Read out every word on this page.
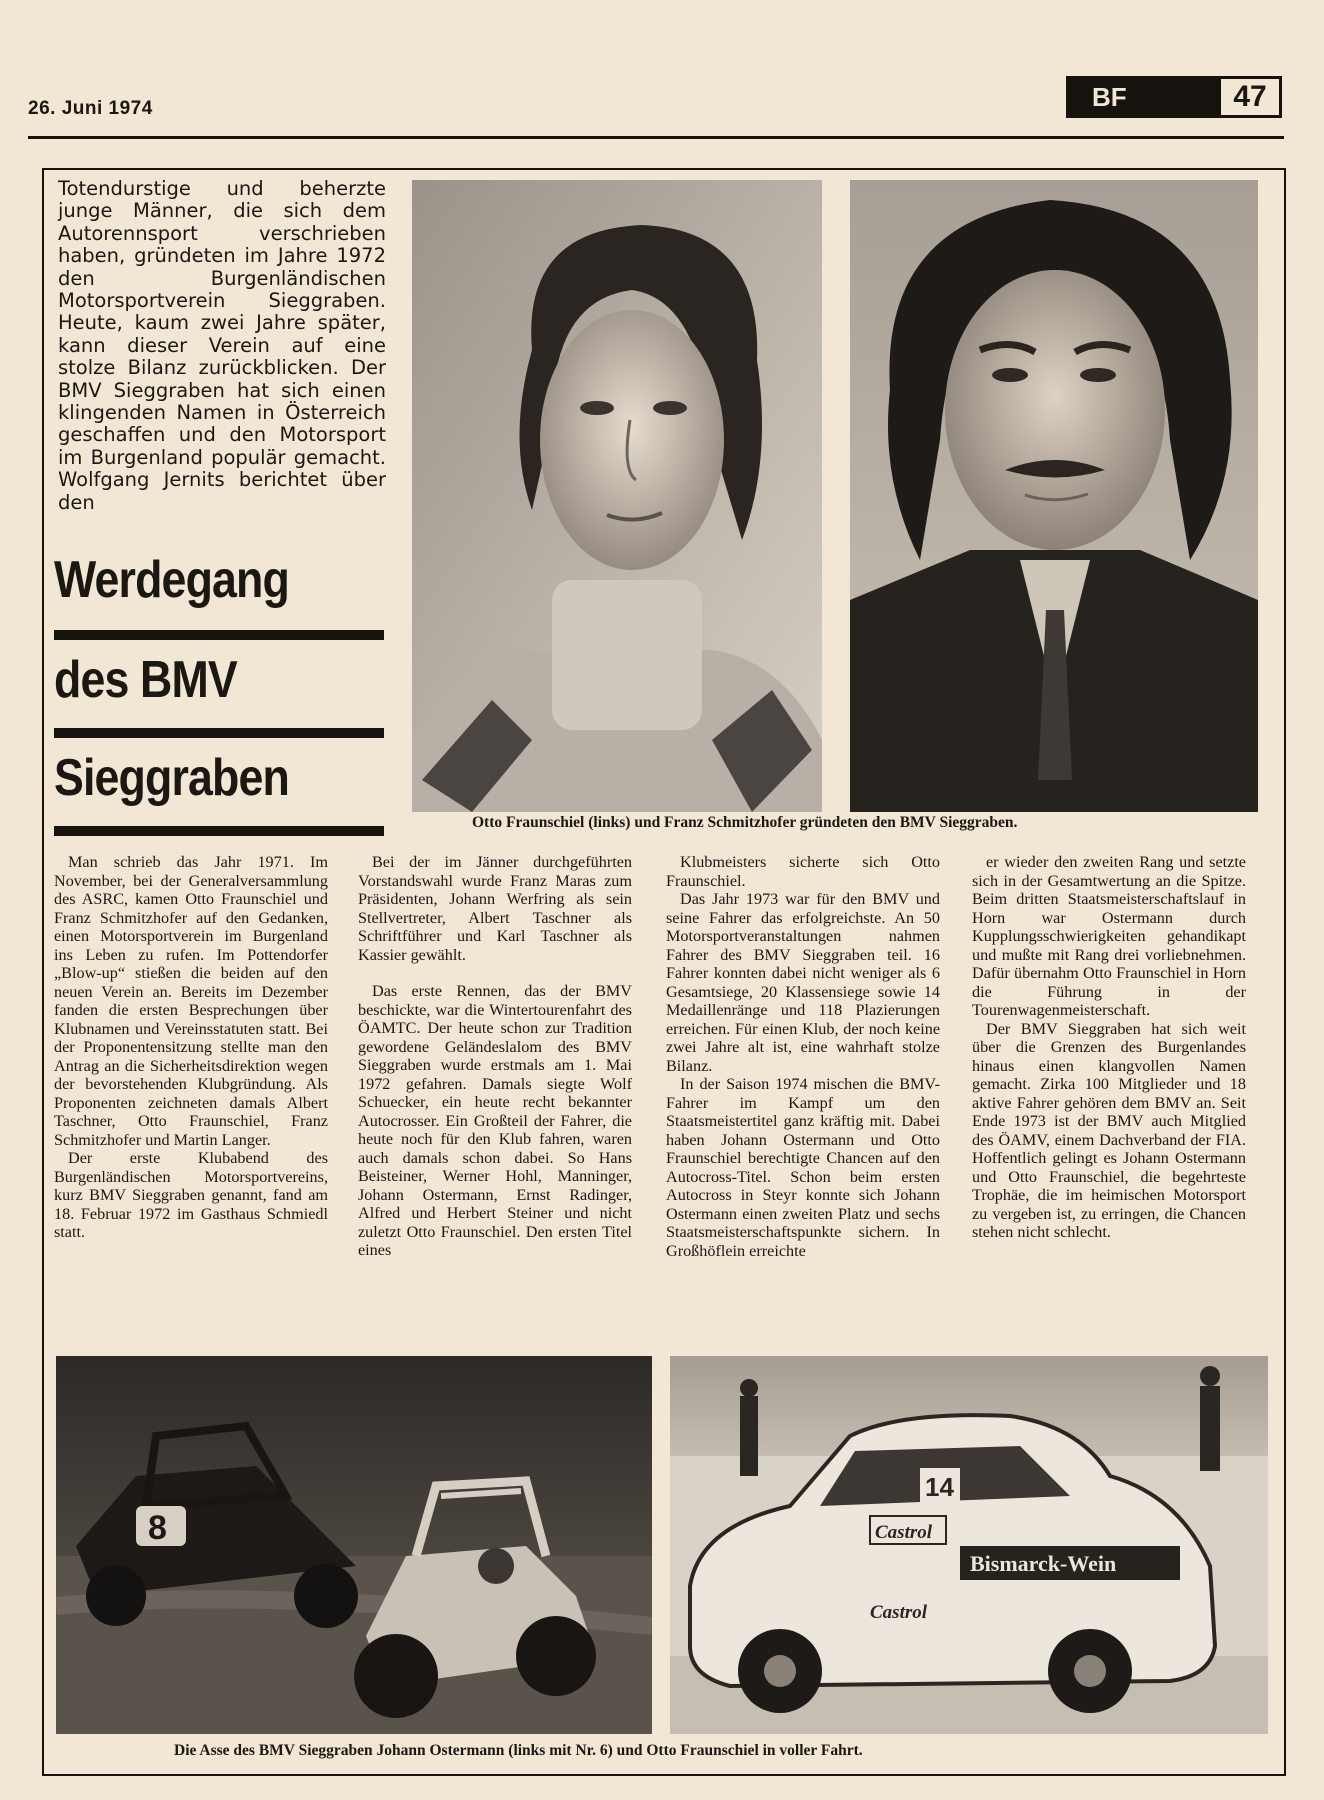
26. Juni 1974	BF	47
Totendurstige und beherzte junge Männer, die sich dem Autorennsport verschrieben haben, gründeten im Jahre 1972 den Burgenländischen Motorsportverein Sieggraben. Heute, kaum zwei Jahre später, kann dieser Verein auf eine stolze Bilanz zurückblicken. Der BMV Sieggraben hat sich einen klingenden Namen in Österreich geschaffen und den Motorsport im Burgenland populär gemacht. Wolfgang Jernits berichtet über den
Werdegang
des BMV
Sieggraben
Otto Fraunschiel (links) und Franz Schmitzhofer gründeten den BMV Sieggraben.

Man schrieb das Jahr 1971. Im November, bei der Generalversammlung des ASRC, kamen Otto Fraunschiel und Franz Schmitzhofer auf den Gedanken, einen Motorsportverein im Burgenland ins Leben zu rufen. Im Pottendorfer „Blow-up“ stießen die beiden auf den neuen Verein an. Bereits im Dezember fanden die ersten Besprechungen über Klubnamen und Vereinsstatuten statt. Bei der Proponentensitzung stellte man den Antrag an die Sicherheitsdirektion wegen der bevorstehenden Klubgründung. Als Proponenten zeichneten damals Albert Taschner, Otto Fraunschiel, Franz Schmitzhofer und Martin Langer.

Der erste Klubabend des Burgenländischen Motorsportvereins, kurz BMV Sieggraben genannt, fand am 18. Februar 1972 im Gasthaus Schmiedl statt.

Bei der im Jänner durchgeführten Vorstandswahl wurde Franz Maras zum Präsidenten, Johann Werfring als sein Stellvertreter, Albert Taschner als Schriftführer und Karl Taschner als Kassier gewählt.

Das erste Rennen, das der BMV beschickte, war die Wintertourenfahrt des ÖAMTC. Der heute schon zur Tradition gewordene Geländeslalom des BMV Sieggraben wurde erstmals am 1. Mai 1972 gefahren. Damals siegte Wolf Schuecker, ein heute recht bekannter Autocrosser. Ein Großteil der Fahrer, die heute noch für den Klub fahren, waren auch damals schon dabei. So Hans Beisteiner, Werner Hohl, Manninger, Johann Ostermann, Ernst Radinger, Alfred und Herbert Steiner und nicht zuletzt Otto Fraunschiel. Den ersten Titel eines

Klubmeisters sicherte sich Otto Fraunschiel.

Das Jahr 1973 war für den BMV und seine Fahrer das erfolgreichste. An 50 Motorsportveranstaltungen nahmen Fahrer des BMV Sieggraben teil. 16 Fahrer konnten dabei nicht weniger als 6 Gesamtsiege, 20 Klassensiege sowie 14 Medaillenränge und 118 Plazierungen erreichen. Für einen Klub, der noch keine zwei Jahre alt ist, eine wahrhaft stolze Bilanz.

In der Saison 1974 mischen die BMV-Fahrer im Kampf um den Staatsmeistertitel ganz kräftig mit. Dabei haben Johann Ostermann und Otto Fraunschiel berechtigte Chancen auf den Autocross-Titel. Schon beim ersten Autocross in Steyr konnte sich Johann Ostermann einen zweiten Platz und sechs Staatsmeisterschaftspunkte sichern. In Großhöflein erreichte

er wieder den zweiten Rang und setzte sich in der Gesamtwertung an die Spitze. Beim dritten Staatsmeisterschaftslauf in Horn war Ostermann durch Kupplungsschwierigkeiten gehandikapt und mußte mit Rang drei vorliebnehmen. Dafür übernahm Otto Fraunschiel in Horn die Führung in der Tourenwagenmeisterschaft.

Der BMV Sieggraben hat sich weit über die Grenzen des Burgenlandes hinaus einen klangvollen Namen gemacht. Zirka 100 Mitglieder und 18 aktive Fahrer gehören dem BMV an. Seit Ende 1973 ist der BMV auch Mitglied des ÖAMV, einem Dachverband der FIA. Hoffentlich gelingt es Johann Ostermann und Otto Fraunschiel, die begehrteste Trophäe, die im heimischen Motorsport zu vergeben ist, zu erringen, die Chancen stehen nicht schlecht.

8
14
Castrol
Bismarck-Wein
Castrol
Die Asse des BMV Sieggraben Johann Ostermann (links mit Nr. 6) und Otto Fraunschiel in voller Fahrt.
